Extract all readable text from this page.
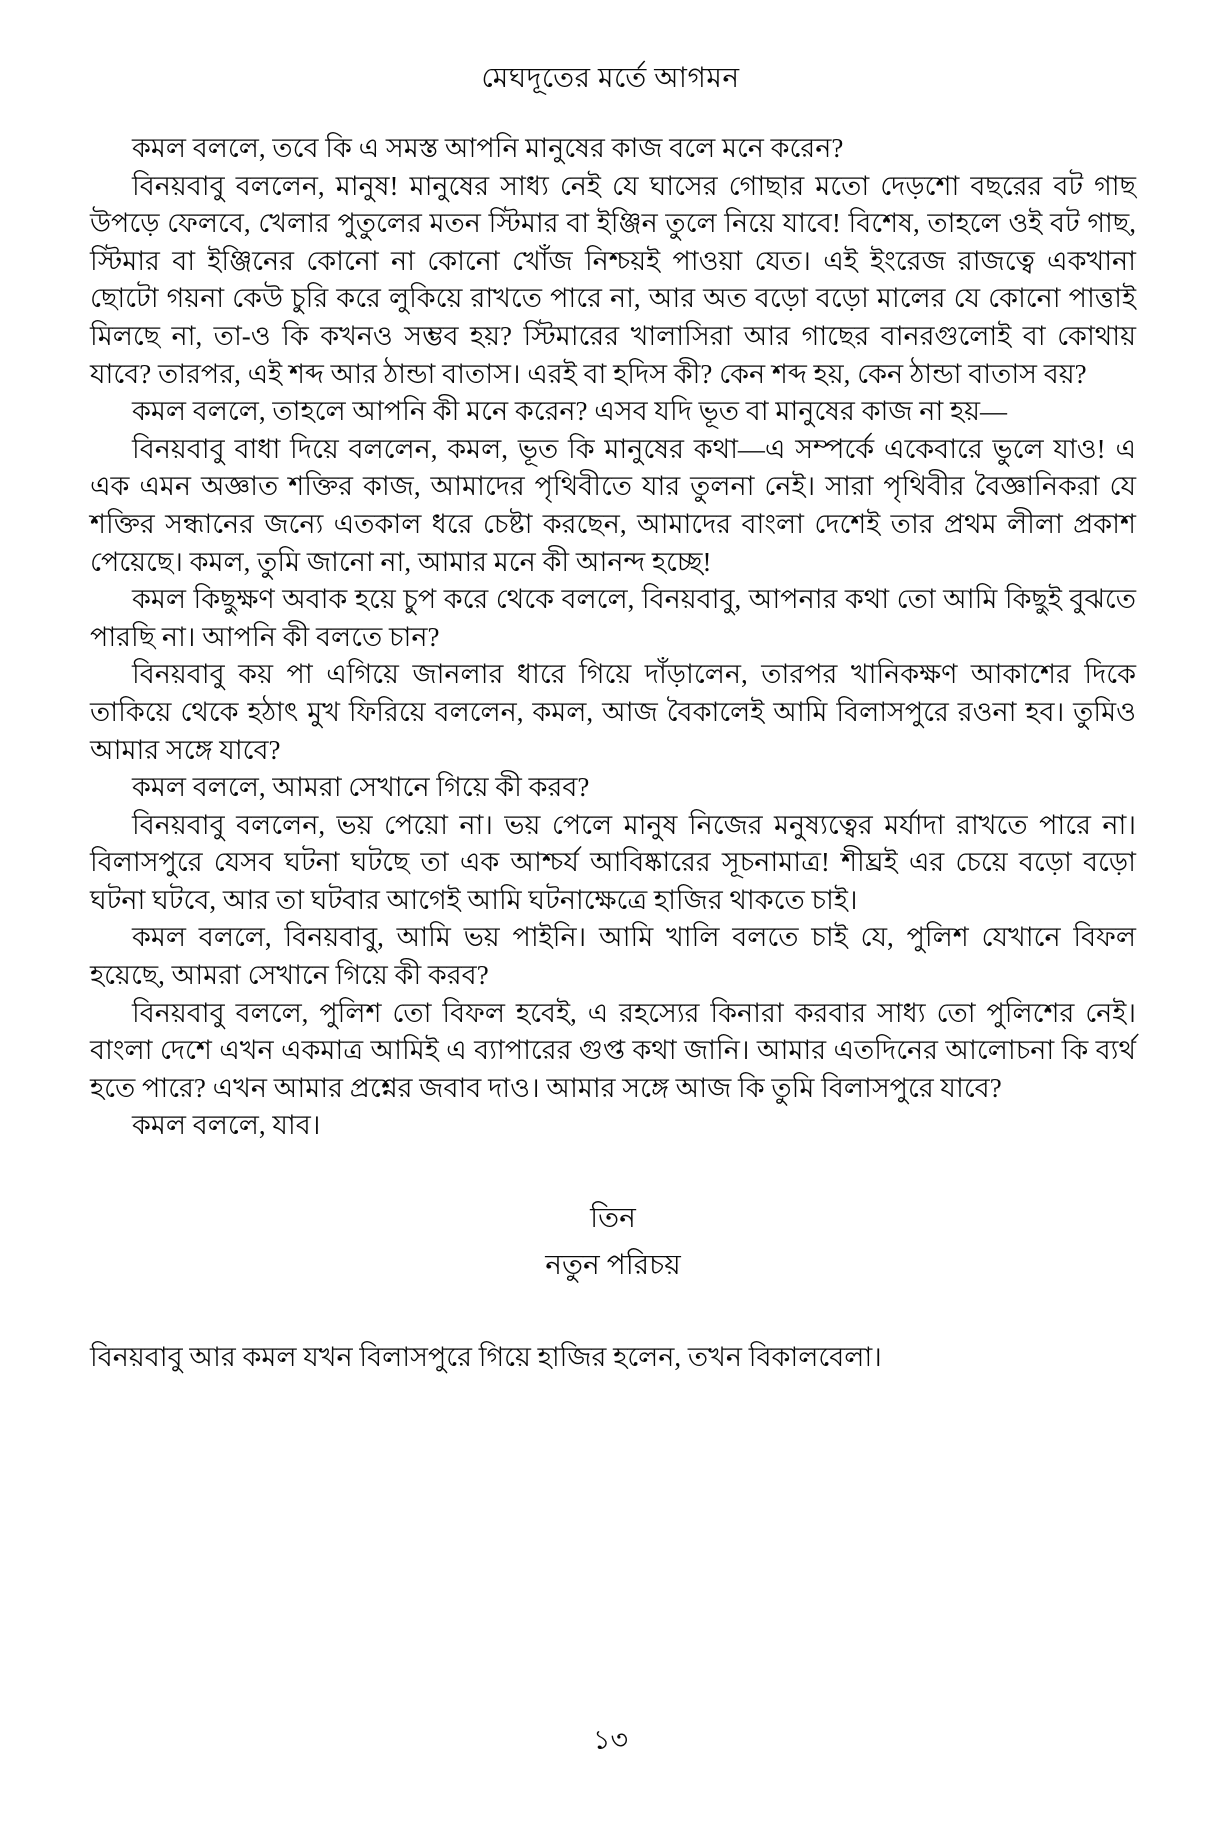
মেঘদূতের মর্তে আগমন

কমল বললে, তবে কি এ সমস্ত আপনি মানুষের কাজ বলে মনে করেন?

বিনয়বাবু বললেন, মানুষ! মানুষের সাধ্য নেই যে ঘাসের গোছার মতো দেড়শো বছরের বট গাছ উপড়ে ফেলবে, খেলার পুতুলের মতন স্টিমার বা ইঞ্জিন তুলে নিয়ে যাবে! বিশেষ, তাহলে ওই বট গাছ, স্টিমার বা ইঞ্জিনের কোনো না কোনো খোঁজ নিশ্চয়ই পাওয়া যেত। এই ইংরেজ রাজত্বে একখানা ছোটো গয়না কেউ চুরি করে লুকিয়ে রাখতে পারে না, আর অত বড়ো বড়ো মালের যে কোনো পাত্তাই মিলছে না, তা-ও কি কখনও সম্ভব হয়? স্টিমারের খালাসিরা আর গাছের বানরগুলোই বা কোথায় যাবে? তারপর, এই শব্দ আর ঠান্ডা বাতাস। এরই বা হদিস কী? কেন শব্দ হয়, কেন ঠান্ডা বাতাস বয়?

কমল বললে, তাহলে আপনি কী মনে করেন? এসব যদি ভূত বা মানুষের কাজ না হয়—

বিনয়বাবু বাধা দিয়ে বললেন, কমল, ভূত কি মানুষের কথা—এ সম্পর্কে একেবারে ভুলে যাও! এ এক এমন অজ্ঞাত শক্তির কাজ, আমাদের পৃথিবীতে যার তুলনা নেই। সারা পৃথিবীর বৈজ্ঞানিকরা যে শক্তির সন্ধানের জন্যে এতকাল ধরে চেষ্টা করছেন, আমাদের বাংলা দেশেই তার প্রথম লীলা প্রকাশ পেয়েছে। কমল, তুমি জানো না, আমার মনে কী আনন্দ হচ্ছে!

কমল কিছুক্ষণ অবাক হয়ে চুপ করে থেকে বললে, বিনয়বাবু, আপনার কথা তো আমি কিছুই বুঝতে পারছি না। আপনি কী বলতে চান?

বিনয়বাবু কয় পা এগিয়ে জানলার ধারে গিয়ে দাঁড়ালেন, তারপর খানিকক্ষণ আকাশের দিকে তাকিয়ে থেকে হঠাৎ মুখ ফিরিয়ে বললেন, কমল, আজ বৈকালেই আমি বিলাসপুরে রওনা হব। তুমিও আমার সঙ্গে যাবে?

কমল বললে, আমরা সেখানে গিয়ে কী করব?

বিনয়বাবু বললেন, ভয় পেয়ো না। ভয় পেলে মানুষ নিজের মনুষ্যত্বের মর্যাদা রাখতে পারে না। বিলাসপুরে যেসব ঘটনা ঘটছে তা এক আশ্চর্য আবিষ্কারের সূচনামাত্র! শীঘ্রই এর চেয়ে বড়ো বড়ো ঘটনা ঘটবে, আর তা ঘটবার আগেই আমি ঘটনাক্ষেত্রে হাজির থাকতে চাই।

কমল বললে, বিনয়বাবু, আমি ভয় পাইনি। আমি খালি বলতে চাই যে, পুলিশ যেখানে বিফল হয়েছে, আমরা সেখানে গিয়ে কী করব?

বিনয়বাবু বললে, পুলিশ তো বিফল হবেই, এ রহস্যের কিনারা করবার সাধ্য তো পুলিশের নেই। বাংলা দেশে এখন একমাত্র আমিই এ ব্যাপারের গুপ্ত কথা জানি। আমার এতদিনের আলোচনা কি ব্যর্থ হতে পারে? এখন আমার প্রশ্নের জবাব দাও। আমার সঙ্গে আজ কি তুমি বিলাসপুরে যাবে?

কমল বললে, যাব।

তিন

নতুন পরিচয়

বিনয়বাবু আর কমল যখন বিলাসপুরে গিয়ে হাজির হলেন, তখন বিকালবেলা।

১৩
